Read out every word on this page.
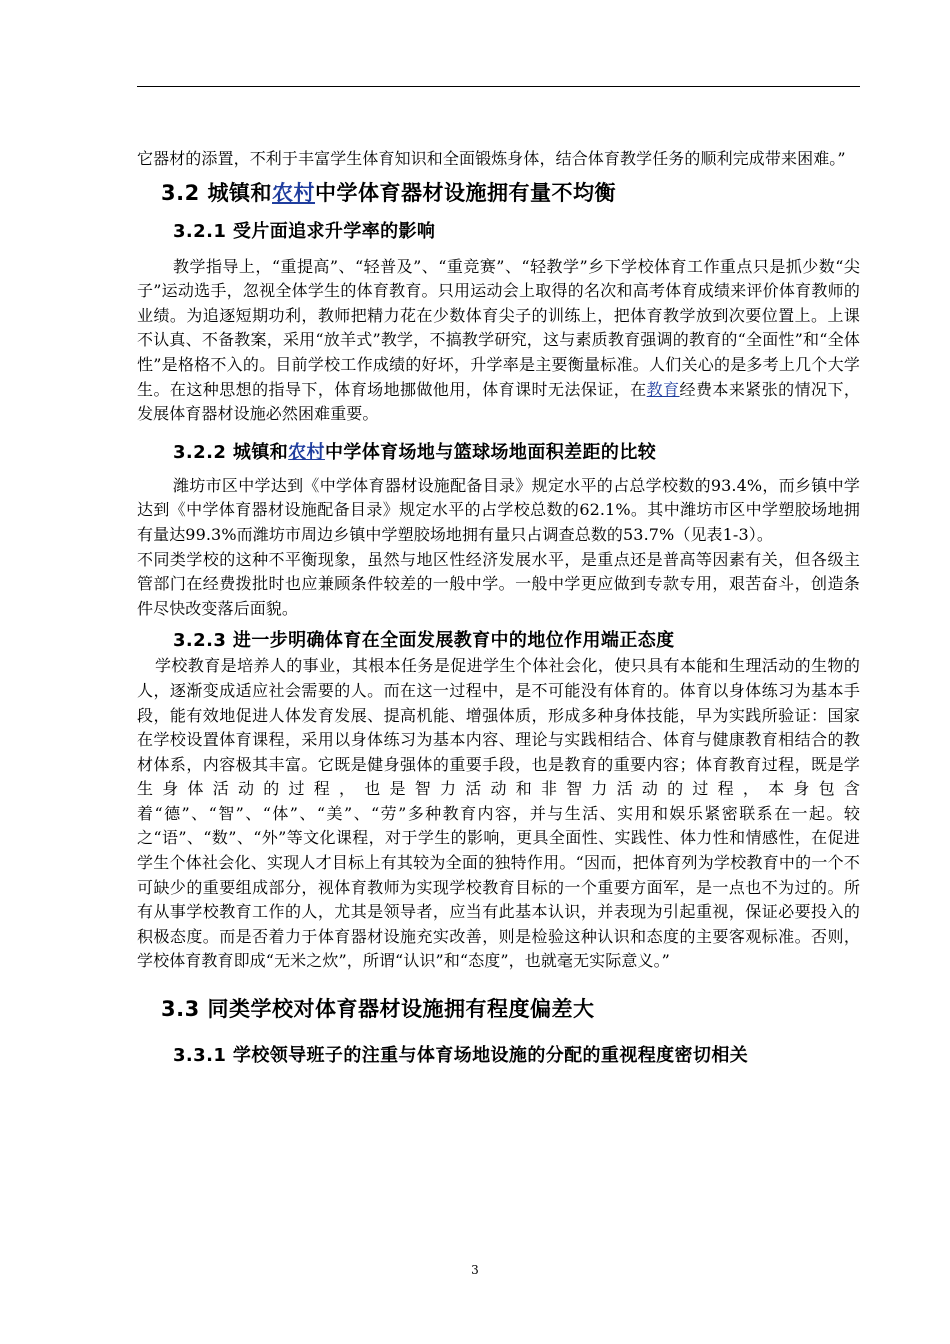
它器材的添置，不利于丰富学生体育知识和全面锻炼身体，结合体育教学任务的顺利完成带来困难。”

3.2 城镇和农村中学体育器材设施拥有量不均衡
3.2.1 受片面追求升学率的影响

教学指导上，“重提高”、“轻普及”、“重竞赛”、“轻教学”乡下学校体育工作重点只是抓少数“尖子”运动选手，忽视全体学生的体育教育。只用运动会上取得的名次和高考体育成绩来评价体育教师的业绩。为追逐短期功利，教师把精力花在少数体育尖子的训练上，把体育教学放到次要位置上。上课不认真、不备教案，采用“放羊式”教学，不搞教学研究，这与素质教育强调的教育的“全面性”和“全体性”是格格不入的。目前学校工作成绩的好坏，升学率是主要衡量标准。人们关心的是多考上几个大学生。在这种思想的指导下，体育场地挪做他用，体育课时无法保证，在教育经费本来紧张的情况下，发展体育器材设施必然困难重要。

3.2.2 城镇和农村中学体育场地与篮球场地面积差距的比较

潍坊市区中学达到《中学体育器材设施配备目录》规定水平的占总学校数的93.4%，而乡镇中学达到《中学体育器材设施配备目录》规定水平的占学校总数的62.1%。其中潍坊市区中学塑胶场地拥有量达99.3%而潍坊市周边乡镇中学塑胶场地拥有量只占调查总数的53.7%（见表1-3）。

不同类学校的这种不平衡现象，虽然与地区性经济发展水平，是重点还是普高等因素有关，但各级主管部门在经费拨批时也应兼顾条件较差的一般中学。一般中学更应做到专款专用，艰苦奋斗，创造条件尽快改变落后面貌。

3.2.3 进一步明确体育在全面发展教育中的地位作用端正态度

学校教育是培养人的事业，其根本任务是促进学生个体社会化，使只具有本能和生理活动的生物的人，逐渐变成适应社会需要的人。而在这一过程中，是不可能没有体育的。体育以身体练习为基本手段，能有效地促进人体发育发展、提高机能、增强体质，形成多种身体技能，早为实践所验证：国家在学校设置体育课程，采用以身体练习为基本内容、理论与实践相结合、体育与健康教育相结合的教材体系，内容极其丰富。它既是健身强体的重要手段，也是教育的重要内容；体育教育过程，既是学生身体活动的过程，也是智力活动和非智力活动的过程，本身包含着“德”、“智”、“体”、“美”、“劳”多种教育内容，并与生活、实用和娱乐紧密联系在一起。较之“语”、“数”、“外”等文化课程，对于学生的影响，更具全面性、实践性、体力性和情感性，在促进学生个体社会化、实现人才目标上有其较为全面的独特作用。“因而，把体育列为学校教育中的一个不可缺少的重要组成部分，视体育教师为实现学校教育目标的一个重要方面军，是一点也不为过的。所有从事学校教育工作的人，尤其是领导者，应当有此基本认识，并表现为引起重视，保证必要投入的积极态度。而是否着力于体育器材设施充实改善，则是检验这种认识和态度的主要客观标准。否则，学校体育教育即成“无米之炊”，所谓“认识”和“态度”，也就毫无实际意义。”

3.3 同类学校对体育器材设施拥有程度偏差大
3.3.1 学校领导班子的注重与体育场地设施的分配的重视程度密切相关
3
